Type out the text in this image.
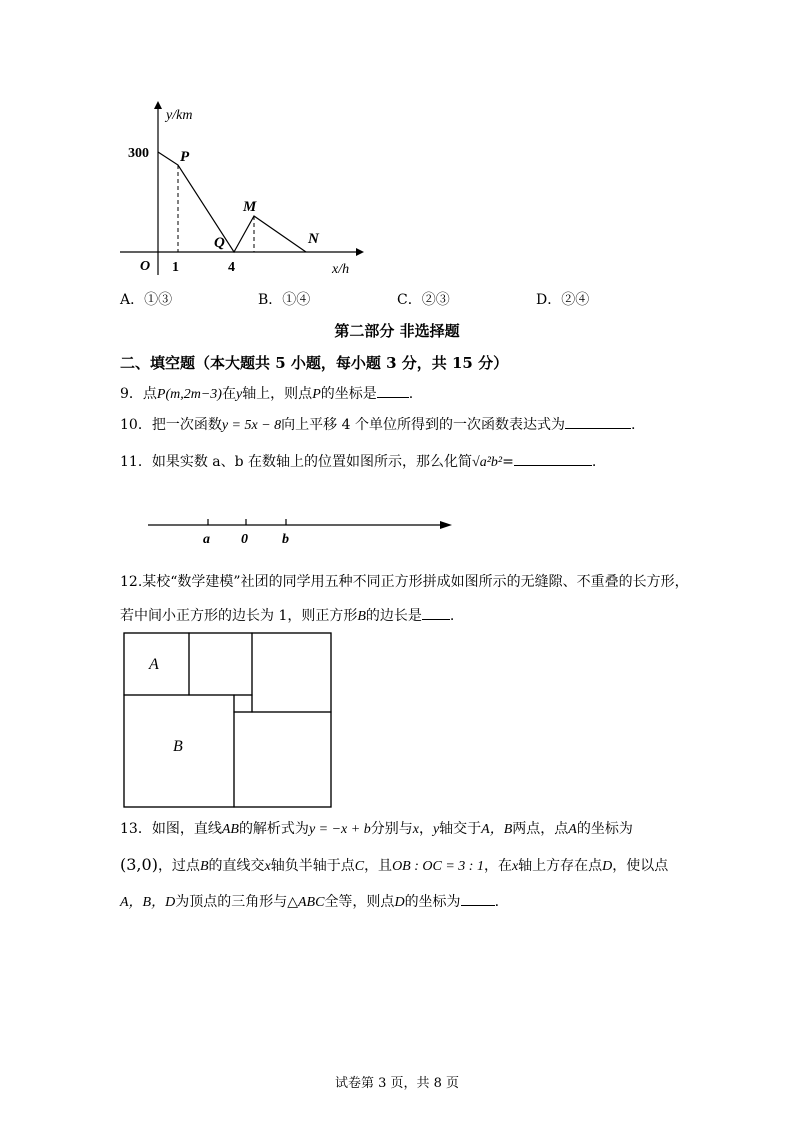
y/km
x/h
O
300
1	4
P
Q
M
N
A．①③	B．①④	C．②③	D．②④
第二部分 非选择题
二、填空题（本大题共 5 小题，每小题 3 分，共 15 分）
9．点P(m,2m−3)在y轴上，则点P的坐标是 .
10．把一次函数y = 5x − 8向上平移 4 个单位所得到的一次函数表达式为	.
11．如果实数 a、b 在数轴上的位置如图所示，那么化简√a²b²=	.
a 0 b
12.某校“数学建模”社团的同学用五种不同正方形拼成如图所示的无缝隙、不重叠的长方形，
若中间小正方形的边长为 1，则正方形B的边长是 .
A
B
13．如图，直线AB的解析式为y = −x + b分别与x，y轴交于A，B两点，点A的坐标为
(3,0)，过点B的直线交x轴负半轴于点C，且OB : OC = 3 : 1，在x轴上方存在点D，使以点
A，B，D为顶点的三角形与△ABC全等，则点D的坐标为 .
试卷第 3 页，共 8 页
